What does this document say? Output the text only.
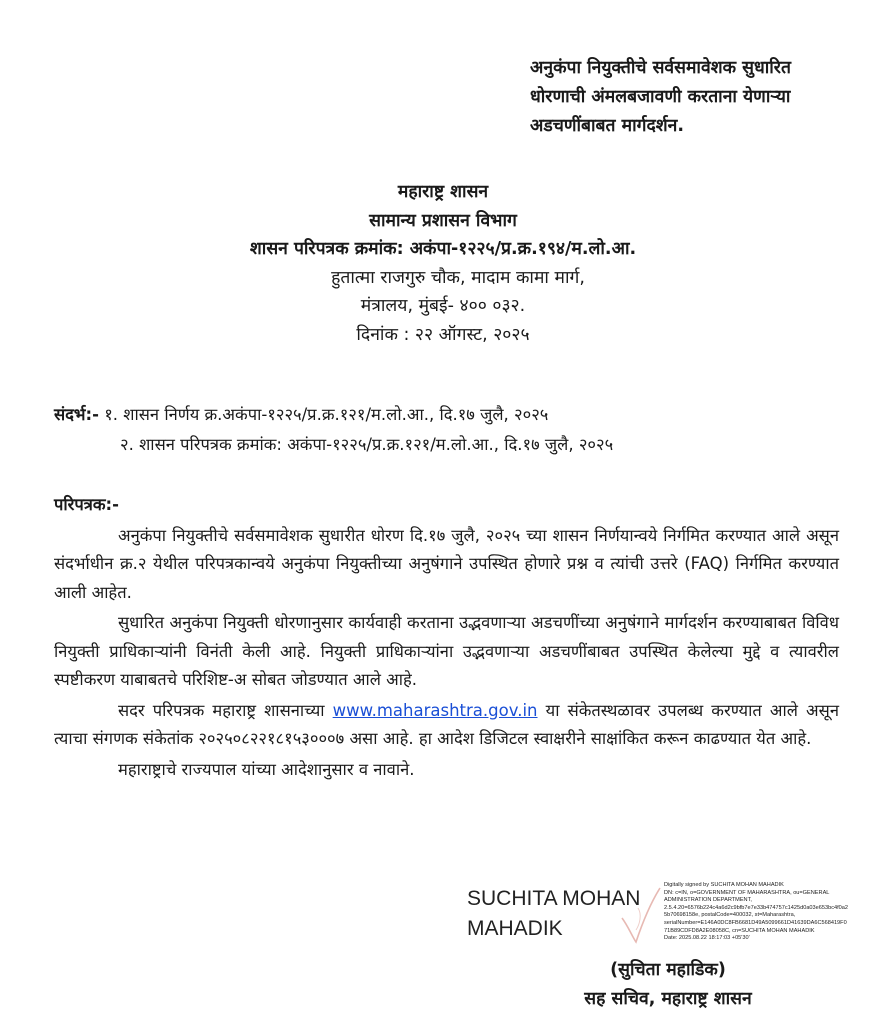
अनुकंपा नियुक्तीचे सर्वसमावेशक सुधारित
धोरणाची अंमलबजावणी करताना येणाऱ्या
अडचणींबाबत मार्गदर्शन.
महाराष्ट्र शासन
सामान्य प्रशासन विभाग
शासन परिपत्रक क्रमांक: अकंपा-१२२५/प्र.क्र.१९४/म.लो.आ.
हुतात्मा राजगुरु चौक, मादाम कामा मार्ग,
मंत्रालय, मुंबई- ४०० ०३२.
दिनांक : २२ ऑगस्ट, २०२५
संदर्भ:- १. शासन निर्णय क्र.अकंपा-१२२५/प्र.क्र.१२१/म.लो.आ., दि.१७ जुलै, २०२५
२. शासन परिपत्रक क्रमांक: अकंपा-१२२५/प्र.क्र.१२१/म.लो.आ., दि.१७ जुलै, २०२५
परिपत्रक:-

अनुकंपा नियुक्तीचे सर्वसमावेशक सुधारीत धोरण दि.१७ जुलै, २०२५ च्या शासन निर्णयान्वये निर्गमित करण्यात आले असून संदर्भाधीन क्र.२ येथील परिपत्रकान्वये अनुकंपा नियुक्तीच्या अनुषंगाने उपस्थित होणारे प्रश्न व त्यांची उत्तरे (FAQ) निर्गमित करण्यात आली आहेत.

सुधारित अनुकंपा नियुक्ती धोरणानुसार कार्यवाही करताना उद्भवणाऱ्या अडचणींच्या अनुषंगाने मार्गदर्शन करण्याबाबत विविध नियुक्ती प्राधिकाऱ्यांनी विनंती केली आहे. नियुक्ती प्राधिकाऱ्यांना उद्भवणाऱ्या अडचणींबाबत उपस्थित केलेल्या मुद्दे व त्यावरील स्पष्टीकरण याबाबतचे परिशिष्ट-अ सोबत जोडण्यात आले आहे.

सदर परिपत्रक महाराष्ट्र शासनाच्या www.maharashtra.gov.in या संकेतस्थळावर उपलब्ध करण्यात आले असून त्याचा संगणक संकेतांक २०२५०८२२१८१५३०००७ असा आहे. हा आदेश डिजिटल स्वाक्षरीने साक्षांकित करून काढण्यात येत आहे.

महाराष्ट्राचे राज्यपाल यांच्या आदेशानुसार व नावाने.

SUCHITA MOHAN
MAHADIK
Digitally signed by SUCHITA MOHAN MAHADIK
DN: c=IN, o=GOVERNMENT OF MAHARASHTRA, ou=GENERAL
ADMINISTRATION DEPARTMENT,
2.5.4.20=6576b224c4a6d2c9bfb7e7e33b474757c1425d0a03e653bc4f0a2
5b70698158e, postalCode=400032, st=Maharashtra,
serialNumber=E146A0DC8FB6681D49A5099661D41639DA6C568419F0
71B89CDFD8A2E08058C, cn=SUCHITA MOHAN MAHADIK
Date: 2025.08.22 18:17:03 +05'30'
(सुचिता महाडिक)
सह सचिव, महाराष्ट्र शासन
